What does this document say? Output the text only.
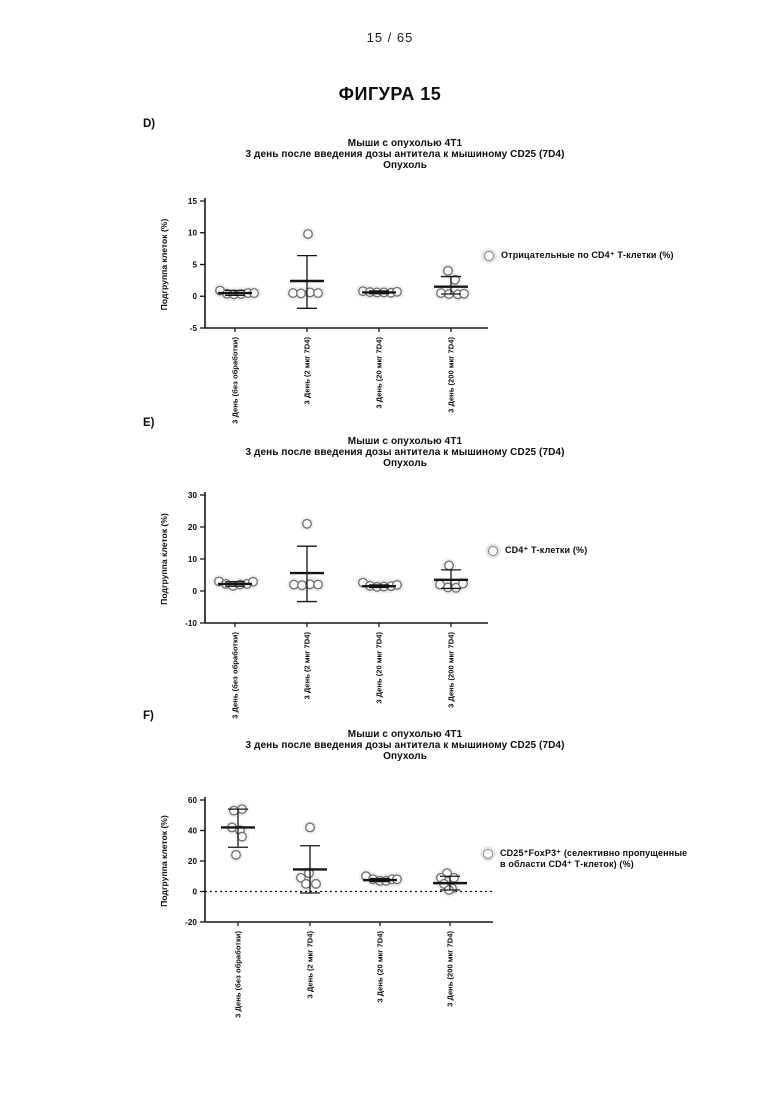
15 / 65
ФИГУРА 15
D)
Мыши с опухолью 4T1
3 день после введения дозы антитела к мышиному CD25 (7D4)
Опухоль
15
10
5
0
-5
Подгруппа клеток (%)
3 День (без обработки)	3 День (2 мкг 7D4)	3 День (20 мкг 7D4)	3 День (200 мкг 7D4)
Отрицательные по CD4⁺ Т-клетки (%)
E)
Мыши с опухолью 4T1
3 день после введения дозы антитела к мышиному CD25 (7D4)
Опухоль
30
20
10
0
-10
Подгруппа клеток (%)
3 День (без обработки)	3 День (2 мкг 7D4)	3 День (20 мкг 7D4)	3 День (200 мкг 7D4)
CD4⁺ Т-клетки (%)
F)
Мыши с опухолью 4T1
3 день после введения дозы антитела к мышиному CD25 (7D4)
Опухоль
60
40
20
0
-20
Подгруппа клеток (%)
3 День (без обработки)	3 День (2 мкг 7D4)	3 День (20 мкг 7D4)	3 День (200 мкг 7D4)
CD25⁺FoxP3⁺ (селективно пропущенные
в области CD4⁺ Т-клеток) (%)
